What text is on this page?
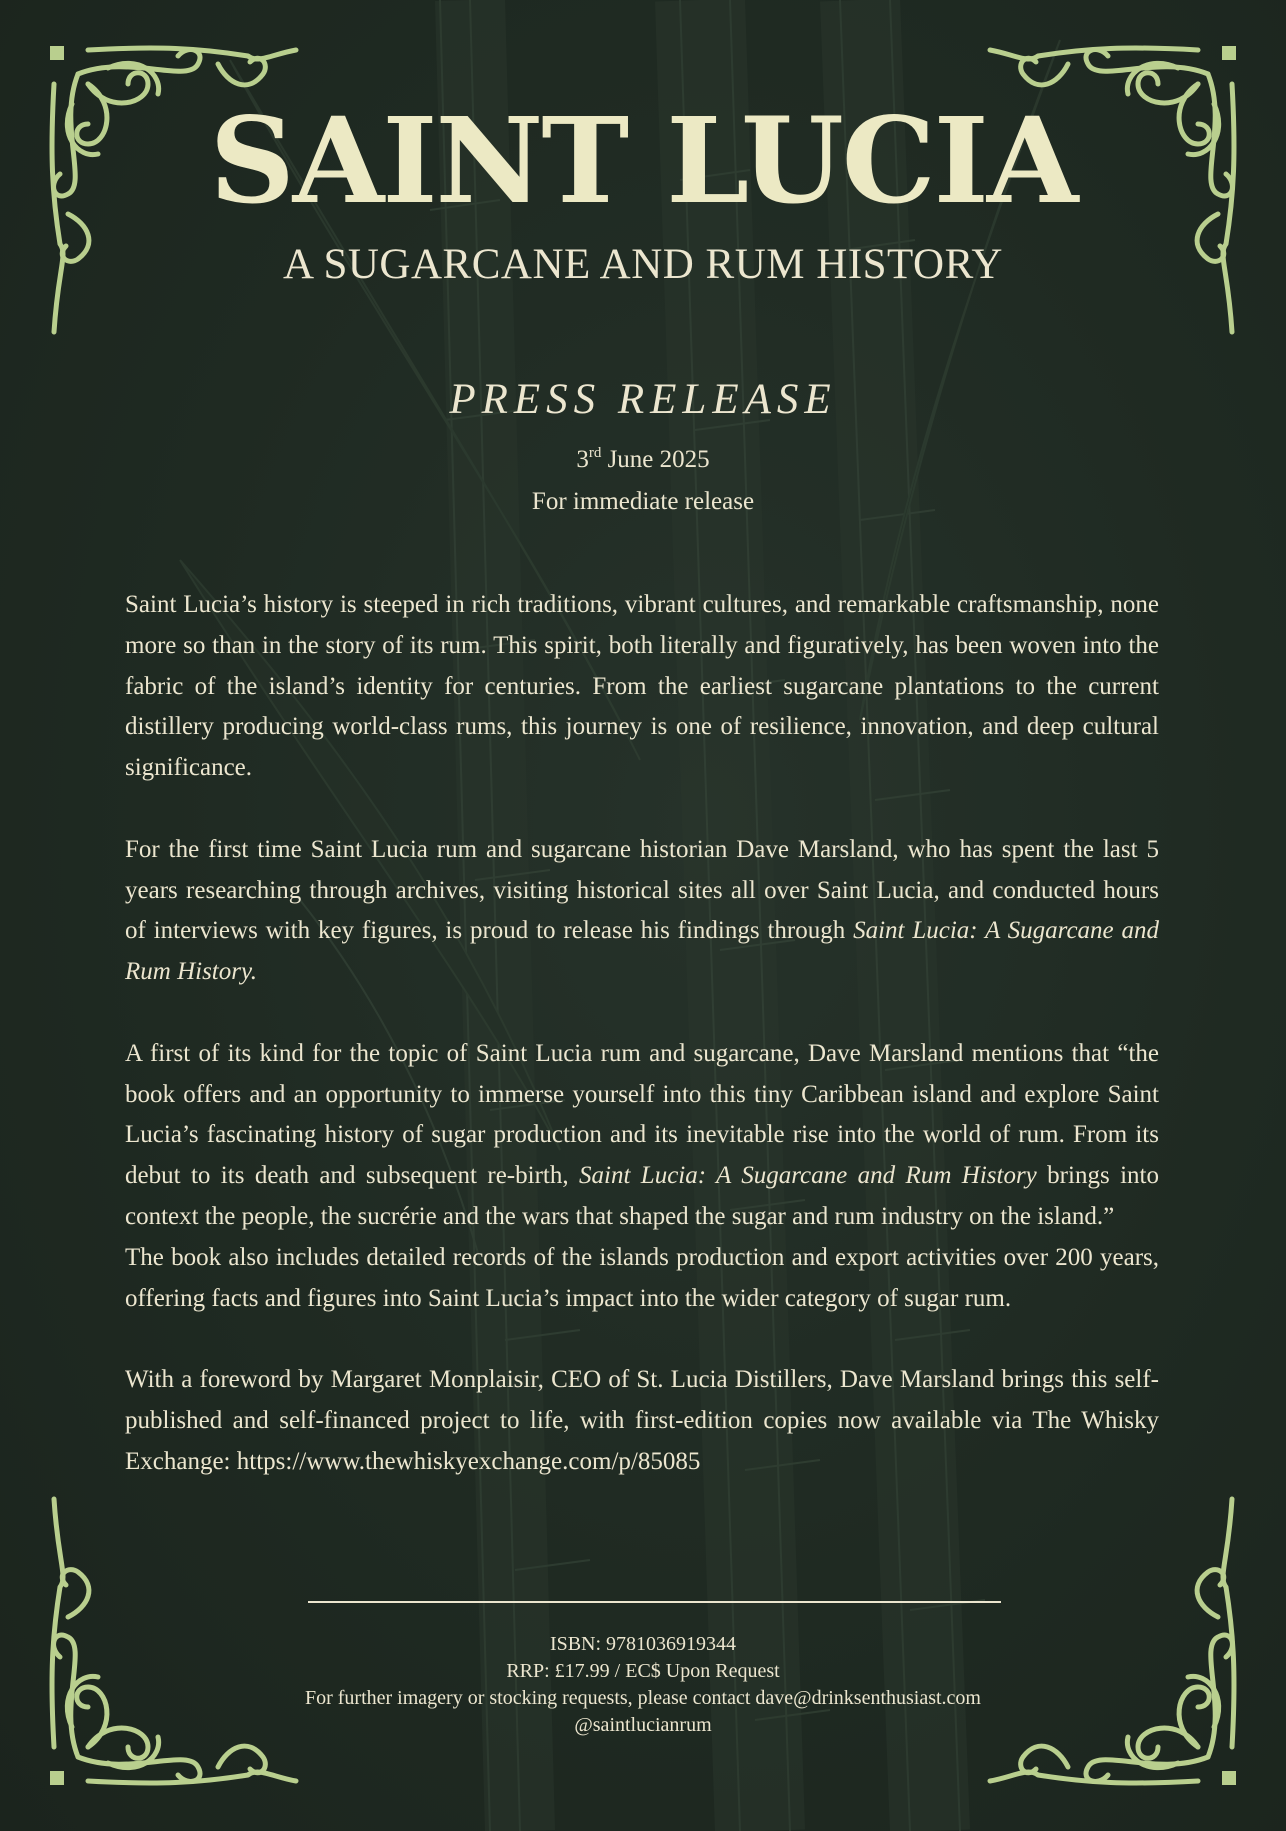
SAINT LUCIA
A SUGARCANE AND RUM HISTORY
PRESS RELEASE
3rd June 2025
For immediate release

Saint Lucia’s history is steeped in rich traditions, vibrant cultures, and remarkable craftsmanship, none more so than in the story of its rum. This spirit, both literally and figuratively, has been woven into the fabric of the island’s identity for centuries. From the earliest sugarcane plantations to the current distillery producing world-class rums, this journey is one of resilience, innovation, and deep cultural significance.

For the first time Saint Lucia rum and sugarcane historian Dave Marsland, who has spent the last 5 years researching through archives, visiting historical sites all over Saint Lucia, and conducted hours of interviews with key figures, is proud to release his findings through Saint Lucia: A Sugarcane and Rum History.

A first of its kind for the topic of Saint Lucia rum and sugarcane, Dave Marsland mentions that “the book offers and an opportunity to immerse yourself into this tiny Caribbean island and explore Saint Lucia’s fascinating history of sugar production and its inevitable rise into the world of rum. From its debut to its death and subsequent re-birth, Saint Lucia: A Sugarcane and Rum History brings into context the people, the sucrérie and the wars that shaped the sugar and rum industry on the island.”

The book also includes detailed records of the islands production and export activities over 200 years, offering facts and figures into Saint Lucia’s impact into the wider category of sugar rum.

With a foreword by Margaret Monplaisir, CEO of St. Lucia Distillers, Dave Marsland brings this self-published and self-financed project to life, with first-edition copies now available via The Whisky Exchange: https://www.thewhiskyexchange.com/p/85085

ISBN: 9781036919344
RRP: £17.99 / EC$ Upon Request
For further imagery or stocking requests, please contact dave@drinksenthusiast.com
@saintlucianrum
